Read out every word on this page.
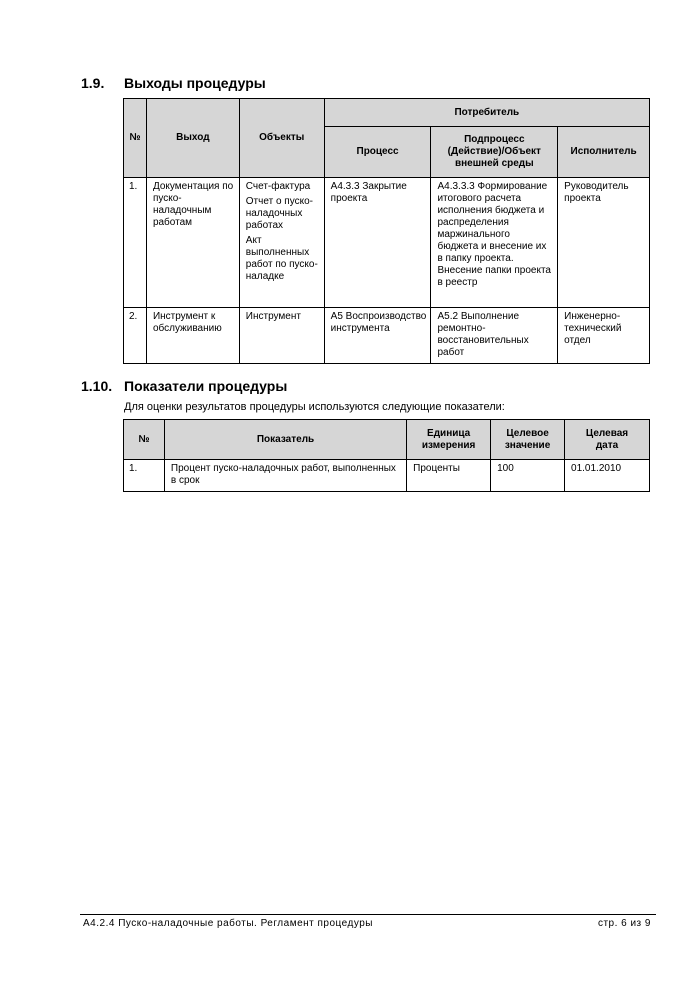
1.9. Выходы процедуры
№	Выход	Объекты	Потребитель		
			Процесс	Подпроцесс (Действие)/Объект внешней среды	Исполнитель
1.	Документация по пуско-наладочным работам	Счет-фактура
Отчет о пуско-наладочных работах
Акт выполненных работ по пуско-наладке	А4.3.3 Закрытие проекта	А4.3.3.3 Формирование итогового расчета исполнения бюджета и распределения маржинального бюджета и внесение их в папку проекта. Внесение папки проекта в реестр	Руководитель проекта
2.	Инструмент к обслуживанию	Инструмент	А5 Воспроизводство инструмента	А5.2 Выполнение ремонтно-восстановительных работ	Инженерно-технический отдел
1.10. Показатели процедуры

Для оценки результатов процедуры используются следующие показатели:

№	Показатель	Единица измерения	Целевое значение	Целевая дата
1.	Процент пуско-наладочных работ, выполненных в срок	Проценты	100	01.01.2010
А4.2.4 Пуско-наладочные работы. Регламент процедуры	стр. 6 из 9
